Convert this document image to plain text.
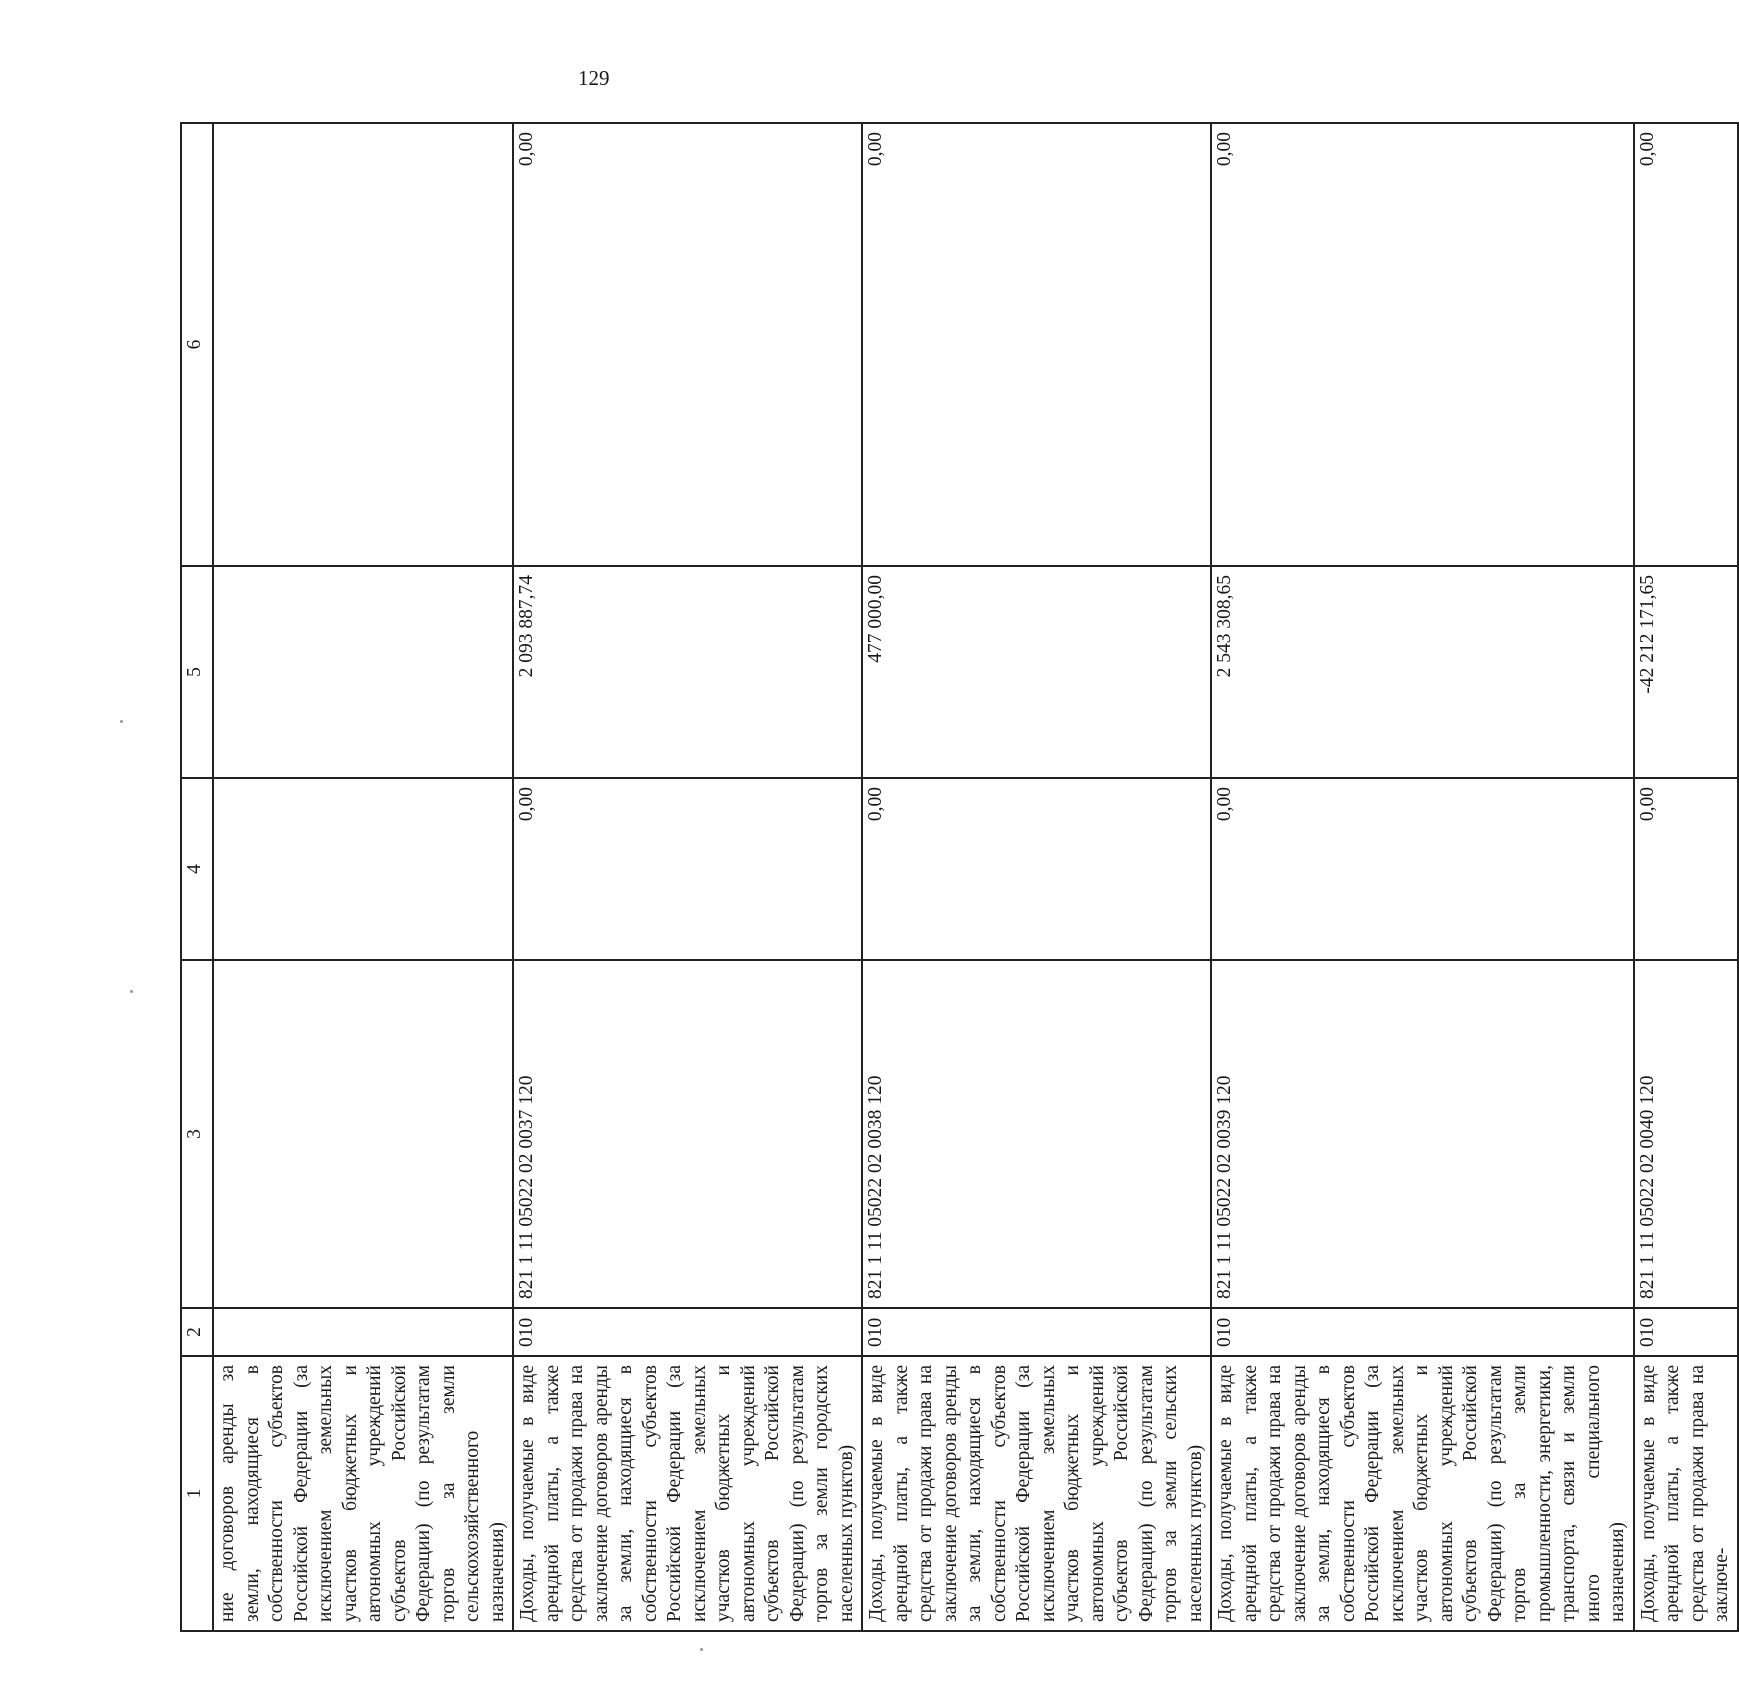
129
1	2	3	4	5	6
ние договоров аренды за земли, находящиеся в собственности субъектов Российской Федерации (за исключением земельных участков бюджетных и автономных учреждений субъектов Российской Федерации) (по результатам торгов за земли сельскохозяйственного назначения)					
Доходы, получаемые в виде арендной платы, а также средства от продажи права на заключение договоров аренды за земли, находящиеся в собственности субъектов Российской Федерации (за исключением земельных участков бюджетных и автономных учреждений субъектов Российской Федерации) (по результатам торгов за земли городских населенных пунктов)	010	821 1 11 05022 02 0037 120	0,00	2 093 887,74	0,00
Доходы, получаемые в виде арендной платы, а также средства от продажи права на заключение договоров аренды за земли, находящиеся в собственности субъектов Российской Федерации (за исключением земельных участков бюджетных и автономных учреждений субъектов Российской Федерации) (по результатам торгов за земли сельских населенных пунктов)	010	821 1 11 05022 02 0038 120	0,00	477 000,00	0,00
Доходы, получаемые в виде арендной платы, а также средства от продажи права на заключение договоров аренды за земли, находящиеся в собственности субъектов Российской Федерации (за исключением земельных участков бюджетных и автономных учреждений субъектов Российской Федерации) (по результатам торгов за земли промышленности, энергетики, транспорта, связи и земли иного специального назначения)	010	821 1 11 05022 02 0039 120	0,00	2 543 308,65	0,00
Доходы, получаемые в виде арендной платы, а также средства от продажи права на заключе-	010	821 1 11 05022 02 0040 120	0,00	-42 212 171,65	0,00
